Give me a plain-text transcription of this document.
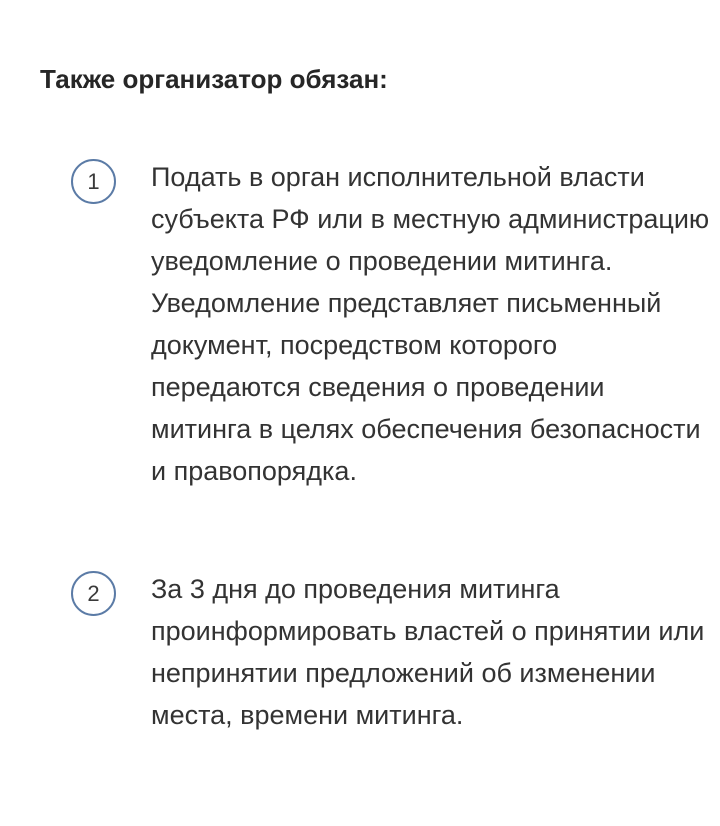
Также организатор обязан:
1	Подать в орган исполнительной власти субъекта РФ или в местную администрацию уведомление о проведении митинга. Уведомление представляет письменный документ, посредством которого передаются сведения о проведении митинга в целях обеспечения безопасности и правопорядка.

2	За 3 дня до проведения митинга проинформировать властей о принятии или непринятии предложений об изменении места, времени митинга.
